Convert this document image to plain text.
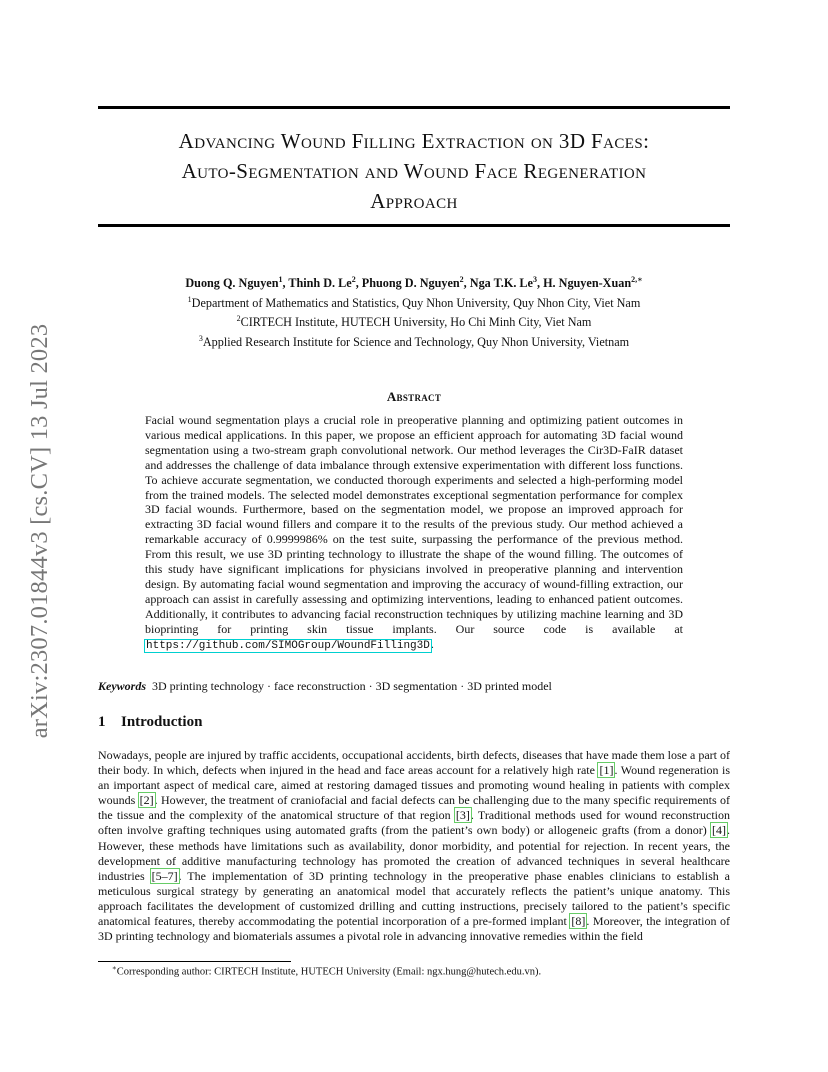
arXiv:2307.01844v3 [cs.CV] 13 Jul 2023
Advancing Wound Filling Extraction on 3D Faces:
Auto-Segmentation and Wound Face Regeneration
Approach
Duong Q. Nguyen$^1$, Thinh D. Le$^2$, Phuong D. Nguyen$^2$, Nga T.K. Le$^3$, H. Nguyen-Xuan$^{2,∗}$
$^1$Department of Mathematics and Statistics, Quy Nhon University, Quy Nhon City, Viet Nam
$^2$CIRTECH Institute, HUTECH University, Ho Chi Minh City, Viet Nam
$^3$Applied Research Institute for Science and Technology, Quy Nhon University, Vietnam
Abstract
Facial wound segmentation plays a crucial role in preoperative planning and optimizing patient outcomes in various medical applications. In this paper, we propose an efficient approach for automating 3D facial wound segmentation using a two-stream graph convolutional network. Our method leverages the Cir3D-FaIR dataset and addresses the challenge of data imbalance through extensive experimentation with different loss functions. To achieve accurate segmentation, we conducted thorough experiments and selected a high-performing model from the trained models. The selected model demonstrates exceptional segmentation performance for complex 3D facial wounds. Furthermore, based on the segmentation model, we propose an improved approach for extracting 3D facial wound fillers and compare it to the results of the previous study. Our method achieved a remarkable accuracy of 0.9999986% on the test suite, surpassing the performance of the previous method. From this result, we use 3D printing technology to illustrate the shape of the wound filling. The outcomes of this study have significant implications for physicians involved in preoperative planning and intervention design. By automating facial wound segmentation and improving the accuracy of wound-filling extraction, our approach can assist in carefully assessing and optimizing interventions, leading to enhanced patient outcomes. Additionally, it contributes to advancing facial reconstruction techniques by utilizing machine learning and 3D bioprinting for printing skin tissue implants. Our source code is available at https://github.com/SIMOGroup/WoundFilling3D.
Keywords 3D printing technology · face reconstruction · 3D segmentation · 3D printed model
1 Introduction
Nowadays, people are injured by traffic accidents, occupational accidents, birth defects, diseases that have made them lose a part of their body. In which, defects when injured in the head and face areas account for a relatively high rate [1]. Wound regeneration is an important aspect of medical care, aimed at restoring damaged tissues and promoting wound healing in patients with complex wounds [2]. However, the treatment of craniofacial and facial defects can be challenging due to the many specific requirements of the tissue and the complexity of the anatomical structure of that region [3]. Traditional methods used for wound reconstruction often involve grafting techniques using automated grafts (from the patient’s own body) or allogeneic grafts (from a donor) [4]. However, these methods have limitations such as availability, donor morbidity, and potential for rejection. In recent years, the development of additive manufacturing technology has promoted the creation of advanced techniques in several healthcare industries [5–7]. The implementation of 3D printing technology in the preoperative phase enables clinicians to establish a meticulous surgical strategy by generating an anatomical model that accurately reflects the patient’s unique anatomy. This approach facilitates the development of customized drilling and cutting instructions, precisely tailored to the patient’s specific anatomical features, thereby accommodating the potential incorporation of a pre-formed implant [8]. Moreover, the integration of 3D printing technology and biomaterials assumes a pivotal role in advancing innovative remedies within the field
∗Corresponding author: CIRTECH Institute, HUTECH University (Email: ngx.hung@hutech.edu.vn).
